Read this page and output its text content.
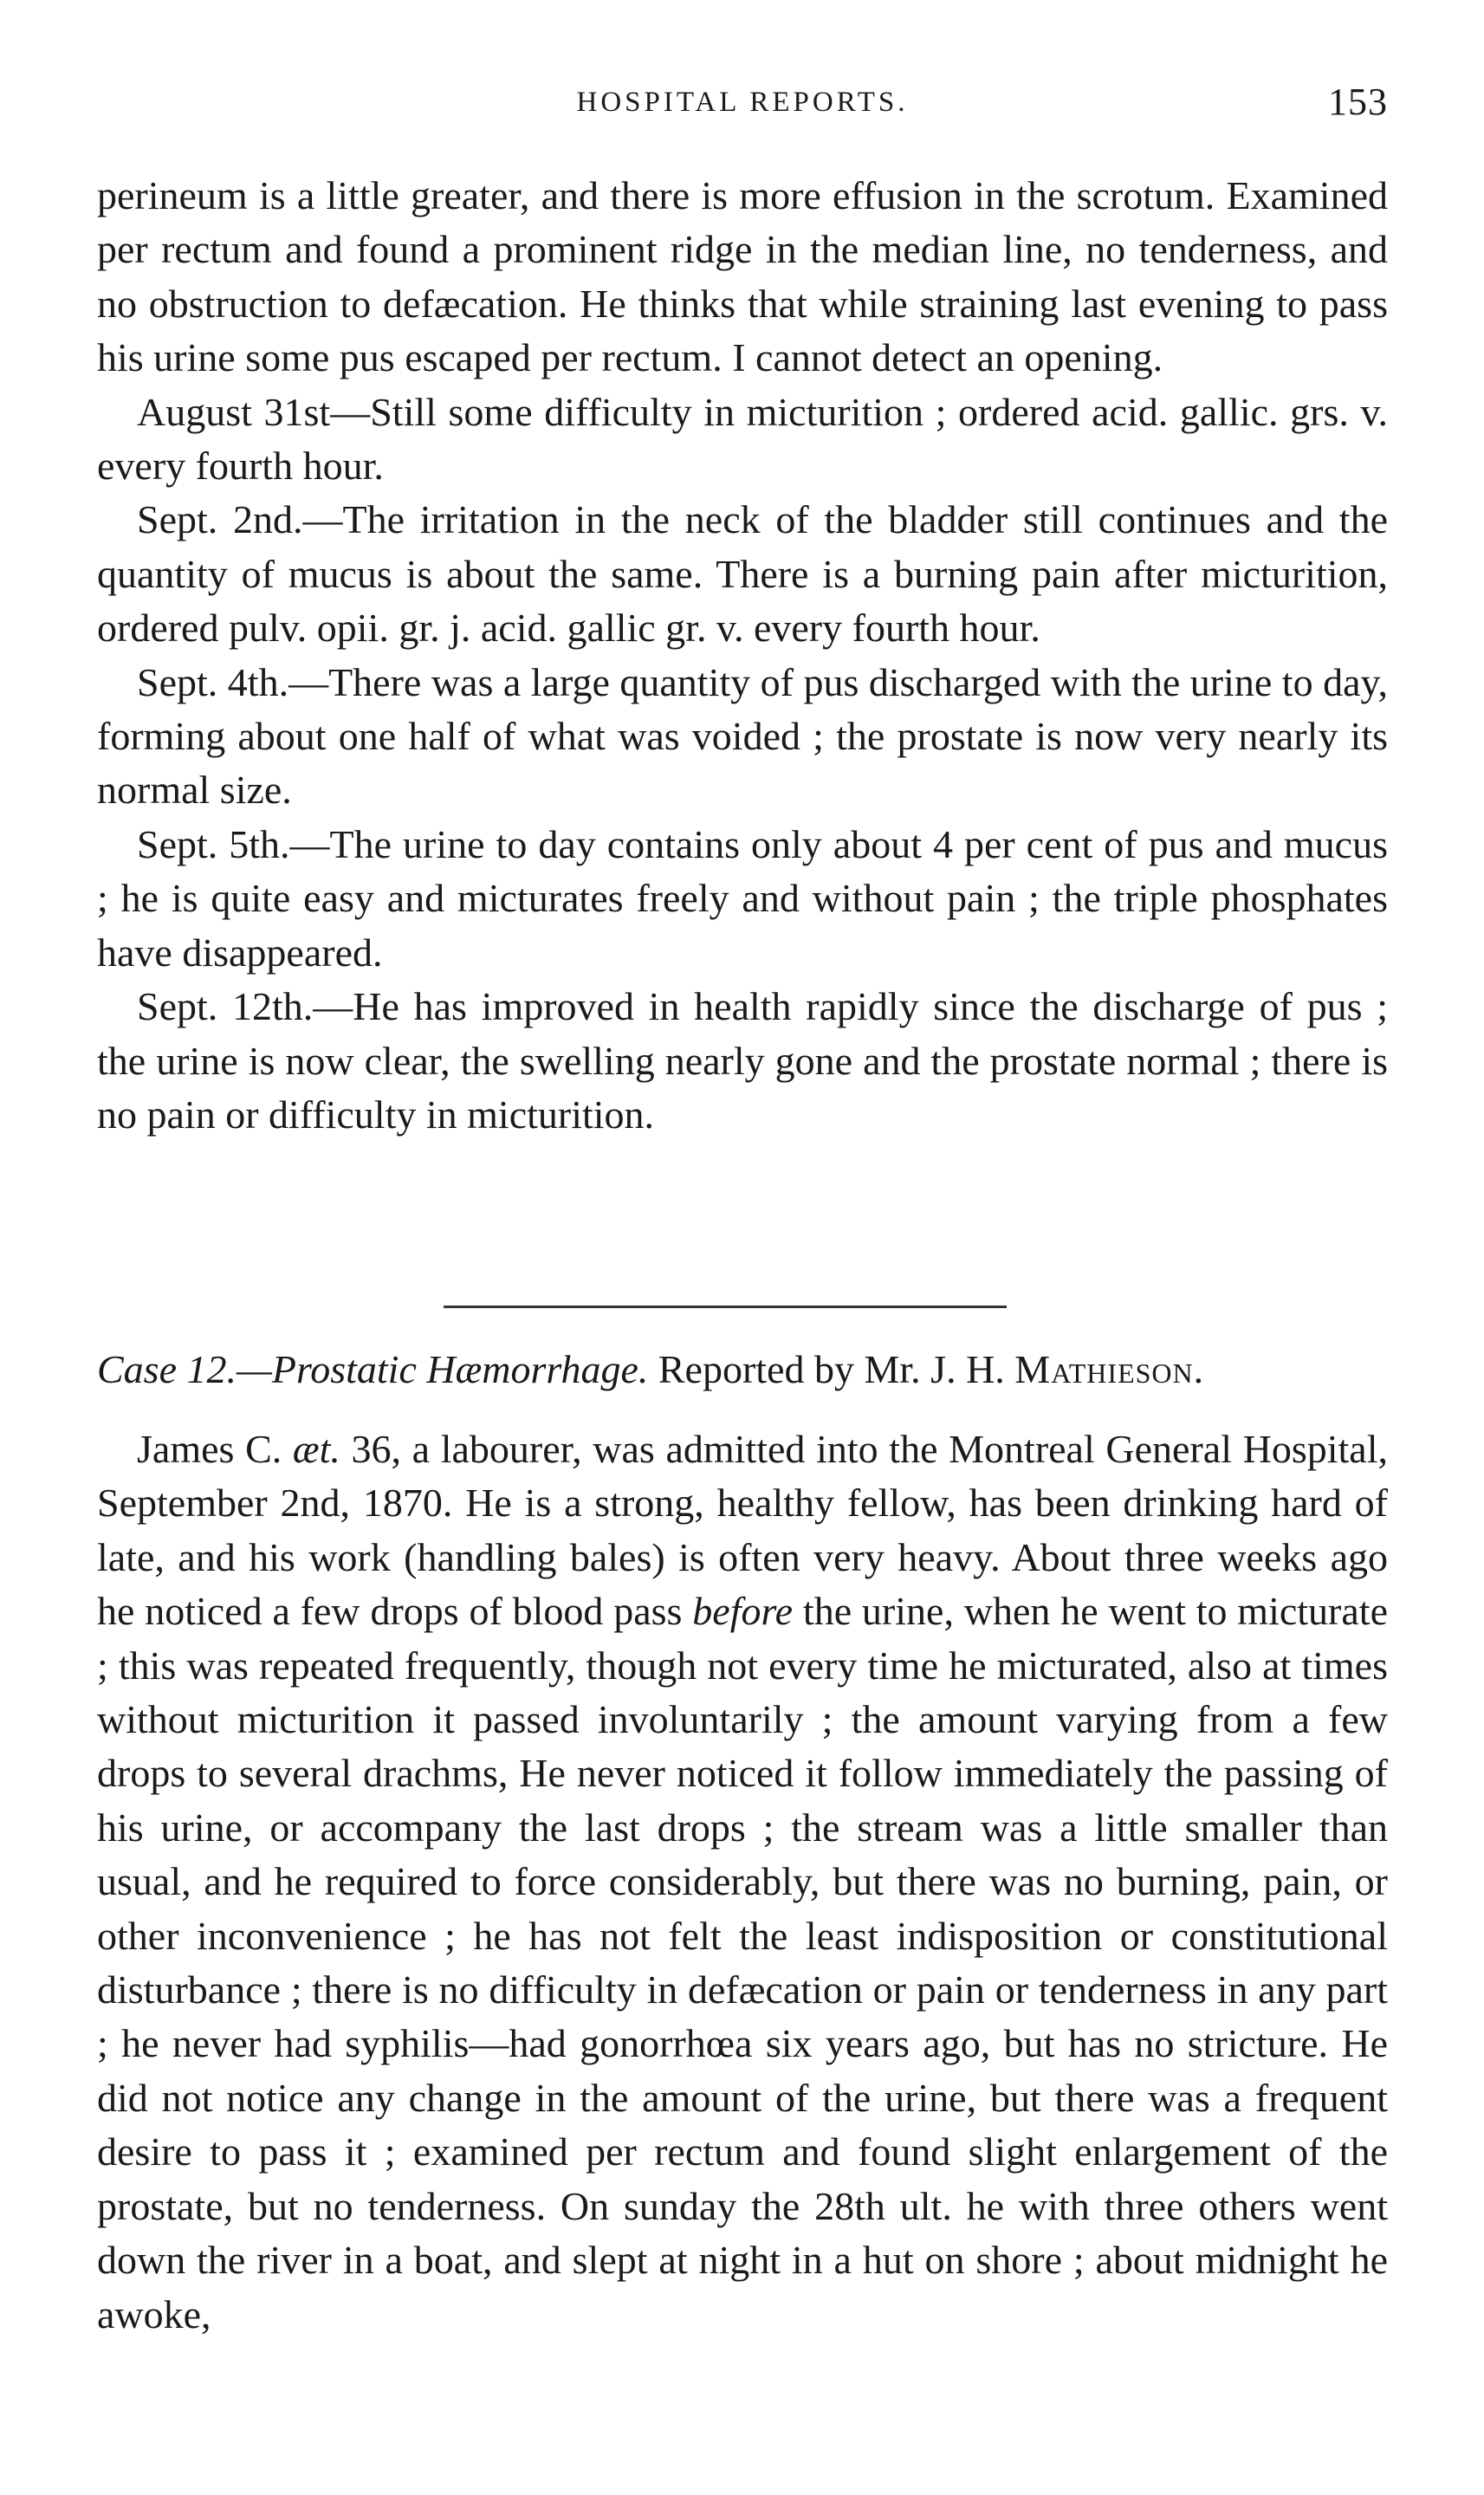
HOSPITAL REPORTS.	153

perineum is a little greater, and there is more effusion in the scrotum. Examined per rectum and found a prominent ridge in the median line, no tenderness, and no obstruction to defæcation. He thinks that while straining last evening to pass his urine some pus escaped per rectum. I cannot detect an opening.

August 31st—Still some difficulty in micturition ; ordered acid. gallic. grs. v. every fourth hour.

Sept. 2nd.—The irritation in the neck of the bladder still continues and the quantity of mucus is about the same. There is a burning pain after micturition, ordered pulv. opii. gr. j. acid. gallic gr. v. every fourth hour.

Sept. 4th.—There was a large quantity of pus discharged with the urine to day, forming about one half of what was voided ; the prostate is now very nearly its normal size.

Sept. 5th.—The urine to day contains only about 4 per cent of pus and mucus ; he is quite easy and micturates freely and without pain ; the triple phosphates have disappeared.

Sept. 12th.—He has improved in health rapidly since the discharge of pus ; the urine is now clear, the swelling nearly gone and the prostate normal ; there is no pain or difficulty in micturition.

Case 12.—Prostatic Hæmorrhage. Reported by Mr. J. H. Mathieson.

James C. æt. 36, a labourer, was admitted into the Montreal General Hospital, September 2nd, 1870. He is a strong, healthy fellow, has been drinking hard of late, and his work (handling bales) is often very heavy. About three weeks ago he noticed a few drops of blood pass before the urine, when he went to micturate ; this was repeated frequently, though not every time he micturated, also at times without micturition it passed involuntarily ; the amount varying from a few drops to several drachms, He never noticed it follow immediately the passing of his urine, or accompany the last drops ; the stream was a little smaller than usual, and he required to force considerably, but there was no burning, pain, or other inconvenience ; he has not felt the least indisposition or constitutional disturbance ; there is no difficulty in defæcation or pain or tenderness in any part ; he never had syphilis—had gonorrhœa six years ago, but has no stricture. He did not notice any change in the amount of the urine, but there was a frequent desire to pass it ; examined per rectum and found slight enlargement of the prostate, but no tenderness. On sunday the 28th ult. he with three others went down the river in a boat, and slept at night in a hut on shore ; about midnight he awoke,
